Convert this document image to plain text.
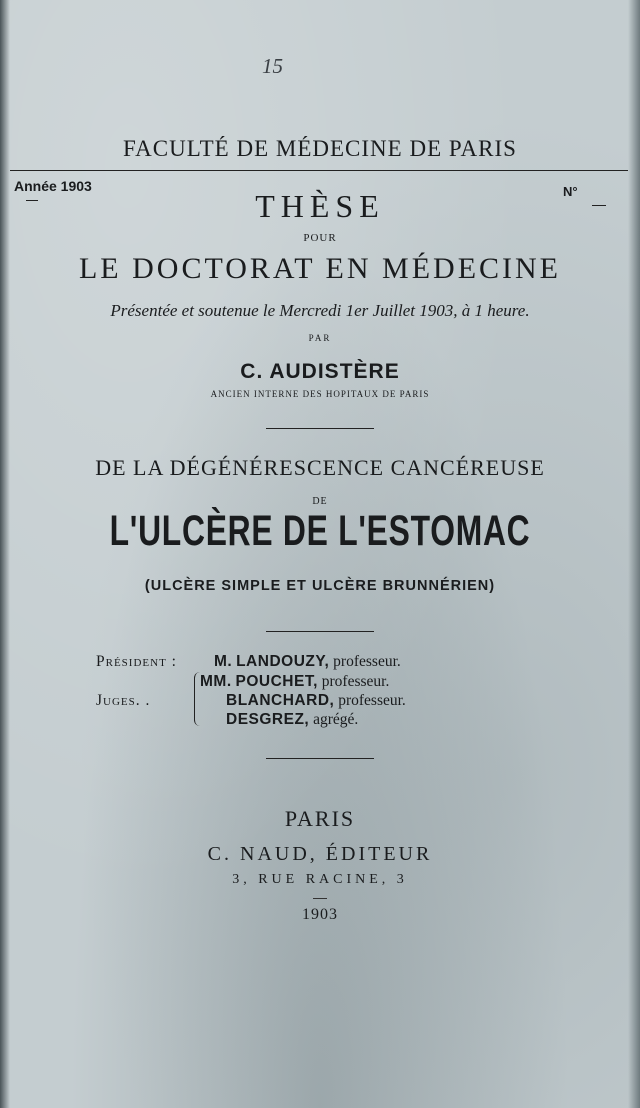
15
FACULTÉ DE MÉDECINE DE PARIS
Année 1903	N°
THÈSE
POUR
LE DOCTORAT EN MÉDECINE
Présentée et soutenue le Mercredi 1er Juillet 1903, à 1 heure.
PAR
C. AUDISTÈRE
ANCIEN INTERNE DES HOPITAUX DE PARIS
DE LA DÉGÉNÉRESCENCE CANCÉREUSE
DE
L'ULCÈRE DE L'ESTOMAC
(ULCÈRE SIMPLE ET ULCÈRE BRUNNÉRIEN)
Président : M. LANDOUZY, professeur.
MM. POUCHET, professeur.
Juges. .	BLANCHARD, professeur.
DESGREZ, agrégé.
PARIS
C. NAUD, ÉDITEUR
3, RUE RACINE, 3
1903
